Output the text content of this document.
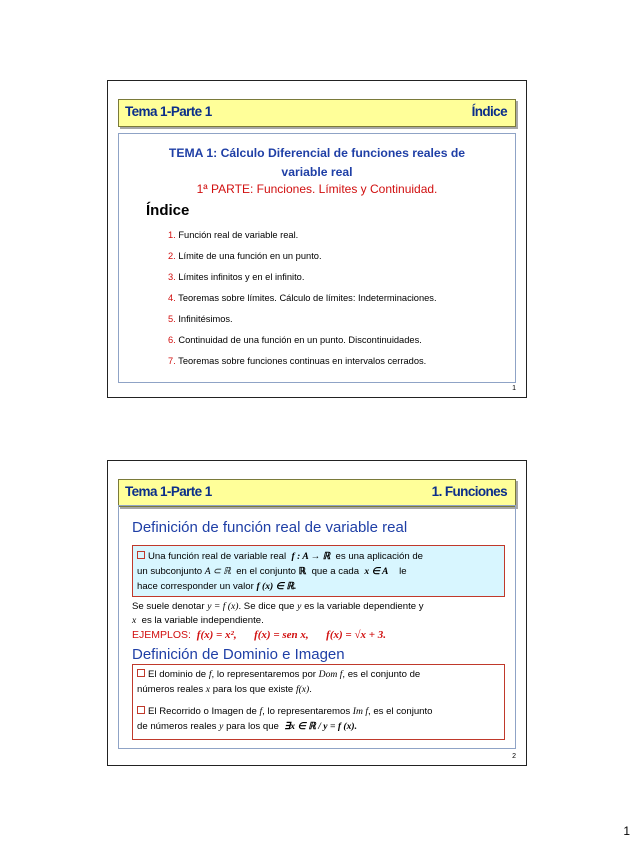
Tema 1-Parte 1	Índice
TEMA 1: Cálculo Diferencial de funciones reales de
variable real
1ª PARTE: Funciones. Límites y Continuidad.
Índice
1. Función real de variable real.
2. Límite de una función en un punto.
3. Límites infinitos y en el infinito.
4. Teoremas sobre límites. Cálculo de límites: Indeterminaciones.
5. Infinitésimos.
6. Continuidad de una función en un punto. Discontinuidades.
7. Teoremas sobre funciones continuas en intervalos cerrados.
1
Tema 1-Parte 1	1. Funciones
Definición de función real de variable real
Una función real de variable real f : A → ℝ es una aplicación de
un subconjunto A ⊂ ℝ en el conjunto ℝ que a cada x ∈ A le
hace corresponder un valor f (x) ∈ ℝ.
Se suele denotar y = f (x). Se dice que y es la variable dependiente y
x es la variable independiente.
EJEMPLOS: f(x) = x², f(x) = sen x, f(x) = √x + 3.
Definición de Dominio e Imagen
El dominio de f, lo representaremos por Dom f, es el conjunto de
números reales x para los que existe f(x).
El Recorrido o Imagen de f, lo representaremos Im f, es el conjunto
de números reales y para los que ∃x ∈ ℝ / y = f (x).
2
1
